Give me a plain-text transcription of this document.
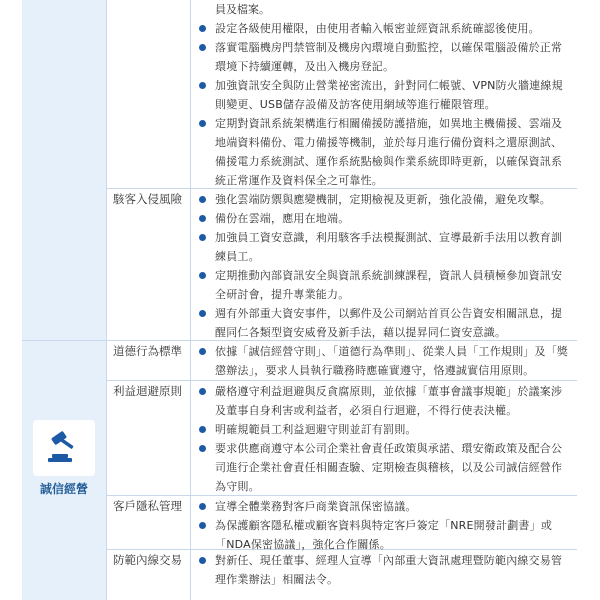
誠信經營
員及檔案。
設定各級使用權限，由使用者輸入帳密並經資訊系統確認後使用。
落實電腦機房門禁管制及機房內環境自動監控，以確保電腦設備於正常環境下持續運轉，及出入機房登記。
加強資訊安全與防止營業祕密流出，針對同仁帳號、VPN防火牆連線規則變更、USB儲存設備及訪客使用網域等進行權限管理。
定期對資訊系統架構進行相關備援防護措施，如異地主機備援、雲端及地端資料備份、電力備援等機制，並於每月進行備份資料之還原測試、備援電力系統測試、運作系統點檢與作業系統即時更新，以確保資訊系統正常運作及資料保全之可靠性。
駭客入侵風險	強化雲端防禦與應變機制，定期檢視及更新，強化設備，避免攻擊。
備份在雲端，應用在地端。
加強員工資安意識，利用駭客手法模擬測試、宣導最新手法用以教育訓練員工。
定期推動內部資訊安全與資訊系統訓練課程，資訊人員積極參加資訊安全研討會，提升專業能力。
週有外部重大資安事件，以郵件及公司網站首頁公告資安相關訊息，提醒同仁各類型資安威脅及新手法，藉以提昇同仁資安意識。
道德行為標準	依據「誠信經營守則」、「道德行為準則」、從業人員「工作規則」及「獎懲辦法」，要求人員執行職務時應確實遵守，恪遵誠實信用原則。
利益迴避原則	嚴格遵守利益迴避與反貪腐原則，並依據「董事會議事規範」於議案涉及董事自身利害或利益者，必須自行迴避，不得行使表決權。
明確規範員工利益迴避守則並訂有罰則。
要求供應商遵守本公司企業社會責任政策與承諾、環安衛政策及配合公司進行企業社會責任相關查驗、定期檢查與稽核，以及公司誠信經營作為守則。
客戶隱私管理	宣導全體業務對客戶商業資訊保密協議。
為保護顧客隱私權或顧客資料與特定客戶簽定「NRE開發計劃書」或「NDA保密協議」，強化合作關係。
防範內線交易	對新任、現任董事、經理人宣導「內部重大資訊處理暨防範內線交易管理作業辦法」相關法令。
